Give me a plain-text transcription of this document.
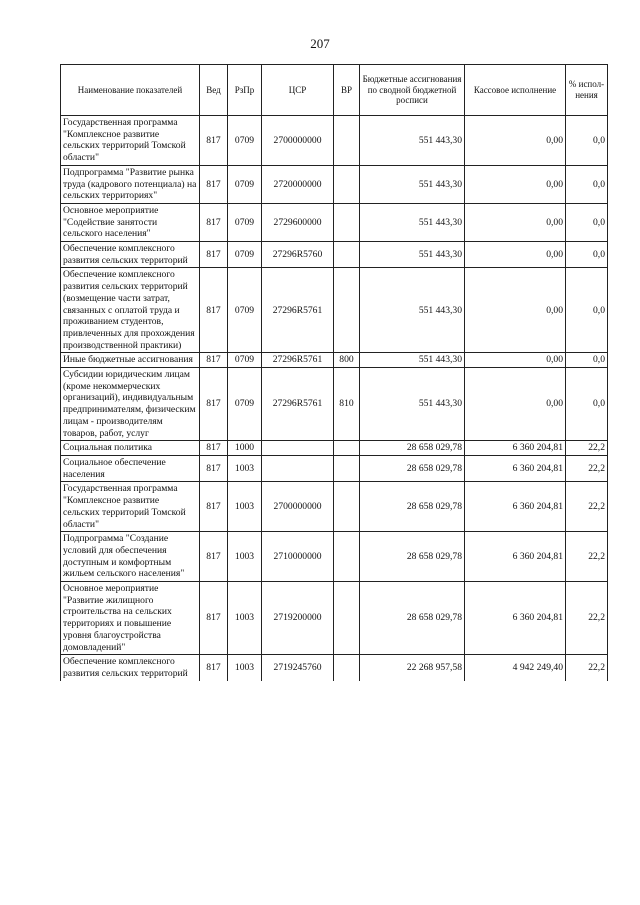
207
Наименование показателей	Вед	РзПр	ЦСР	ВР	Бюджетные ассигнования по сводной бюджетной росписи	Кассовое исполнение	% испол-нения
Государственная программа "Комплексное развитие сельских территорий Томской области"	817	0709	2700000000		551 443,30	0,00	0,0
Подпрограмма "Развитие рынка труда (кадрового потенциала) на сельских территориях"	817	0709	2720000000		551 443,30	0,00	0,0
Основное мероприятие "Содействие занятости сельского населения"	817	0709	2729600000		551 443,30	0,00	0,0
Обеспечение комплексного развития сельских территорий	817	0709	27296R5760		551 443,30	0,00	0,0
Обеспечение комплексного развития сельских территорий (возмещение части затрат, связанных с оплатой труда и проживанием студентов, привлеченных для прохождения производственной практики)	817	0709	27296R5761		551 443,30	0,00	0,0
Иные бюджетные ассигнования	817	0709	27296R5761	800	551 443,30	0,00	0,0
Субсидии юридическим лицам (кроме некоммерческих организаций), индивидуальным предпринимателям, физическим лицам - производителям товаров, работ, услуг	817	0709	27296R5761	810	551 443,30	0,00	0,0
Социальная политика	817	1000			28 658 029,78	6 360 204,81	22,2
Социальное обеспечение населения	817	1003			28 658 029,78	6 360 204,81	22,2
Государственная программа "Комплексное развитие сельских территорий Томской области"	817	1003	2700000000		28 658 029,78	6 360 204,81	22,2
Подпрограмма "Создание условий для обеспечения доступным и комфортным жильем сельского населения"	817	1003	2710000000		28 658 029,78	6 360 204,81	22,2
Основное мероприятие "Развитие жилищного строительства на сельских территориях и повышение уровня благоустройства домовладений"	817	1003	2719200000		28 658 029,78	6 360 204,81	22,2
Обеспечение комплексного развития сельских территорий	817	1003	2719245760		22 268 957,58	4 942 249,40	22,2
